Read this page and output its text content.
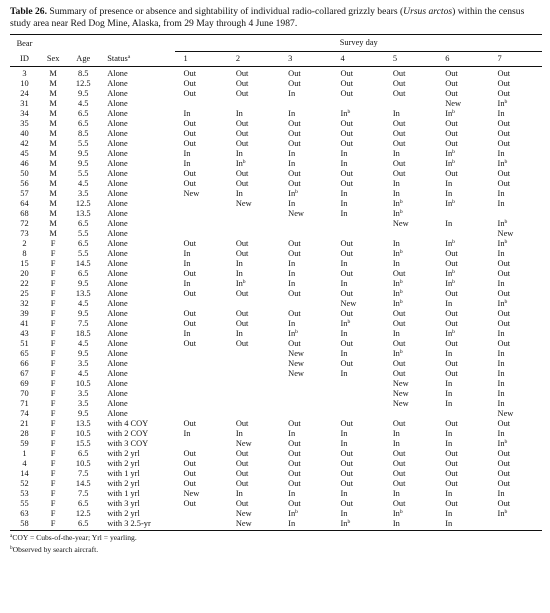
Table 26. Summary of presence or absence and sightability of individual radio-collared grizzly bears (Ursus arctos) within the census study area near Red Dog Mine, Alaska, from 29 May through 4 June 1987.
Bear				Survey day						

ID	Sex	Age	Status$^a$	1	2	3	4	5	6	7
3	M	8.5	Alone	Out	Out	Out	Out	Out	Out	Out
10	M	12.5	Alone	Out	Out	Out	Out	Out	Out	Out
24	M	9.5	Alone	Out	Out	In	Out	Out	Out	Out
31	M	4.5	Alone						New	In$^b$
34	M	6.5	Alone	In	In	In	In$^b$	In	In$^b$	In
35	M	6.5	Alone	Out	Out	Out	Out	Out	Out	Out
40	M	8.5	Alone	Out	Out	Out	Out	Out	Out	Out
42	M	5.5	Alone	Out	Out	Out	Out	Out	Out	Out
45	M	9.5	Alone	In	In	In	In	In	In$^b$	In
46	M	9.5	Alone	In	In$^b$	In	In	Out	In$^b$	In$^b$
50	M	5.5	Alone	Out	Out	Out	Out	Out	Out	Out
56	M	4.5	Alone	Out	Out	Out	Out	In	In	Out
57	M	3.5	Alone	New	In	In$^b$	In	In	In	In
64	M	12.5	Alone		New	In	In	In$^b$	In$^b$	In
68	M	13.5	Alone			New	In	In$^b$		
72	M	6.5	Alone					New	In	In$^b$
73	M	5.5	Alone							New
2	F	6.5	Alone	Out	Out	Out	Out	In	In$^b$	In$^b$
8	F	5.5	Alone	In	Out	Out	Out	In$^b$	Out	In
15	F	14.5	Alone	In	In	In	In	In	Out	Out
20	F	6.5	Alone	Out	In	In	Out	Out	In$^b$	Out
22	F	9.5	Alone	In	In$^b$	In	In	In$^b$	In$^b$	In
25	F	13.5	Alone	Out	Out	Out	Out	In$^b$	Out	Out
32	F	4.5	Alone				New	In$^b$	In	In$^b$
39	F	9.5	Alone	Out	Out	Out	Out	Out	Out	Out
41	F	7.5	Alone	Out	Out	In	In$^b$	Out	Out	Out
43	F	18.5	Alone	In	In	In$^b$	In	In	In$^b$	In
51	F	4.5	Alone	Out	Out	Out	Out	Out	Out	Out
65	F	9.5	Alone			New	In	In$^b$	In	In
66	F	3.5	Alone			New	Out	Out	Out	In
67	F	4.5	Alone			New	In	Out	Out	In
69	F	10.5	Alone					New	In	In
70	F	3.5	Alone					New	In	In
71	F	3.5	Alone					New	In	In
74	F	9.5	Alone							New
21	F	13.5	with 4 COY	Out	Out	Out	Out	Out	Out	Out
28	F	10.5	with 2 COY	In	In	In	In	In	In	In
59	F	15.5	with 3 COY		New	Out	In	In	In	In$^b$
1	F	6.5	with 2 yrl	Out	Out	Out	Out	Out	Out	Out
4	F	10.5	with 2 yrl	Out	Out	Out	Out	Out	Out	Out
14	F	7.5	with 1 yrl	Out	Out	Out	Out	Out	Out	Out
52	F	14.5	with 2 yrl	Out	Out	Out	Out	Out	Out	Out
53	F	7.5	with 1 yrl	New	In	In	In	In	In	In
55	F	6.5	with 3 yrl	Out	Out	Out	Out	Out	Out	Out
63	F	12.5	with 2 yrl		New	In$^b$	In	In$^b$	In	In$^b$
58	F	6.5	with 3 2.5-yr		New	In	In$^b$	In	In	
$^a$COY = Cubs-of-the-year; Yrl = yearling.
$^b$Observed by search aircraft.
